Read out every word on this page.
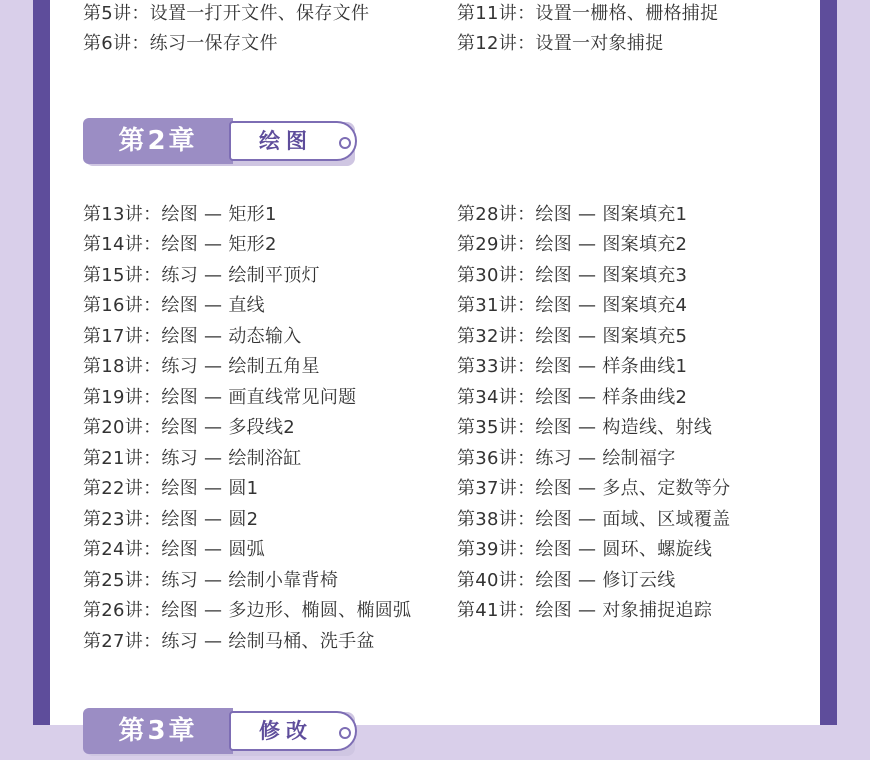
第5讲：设置一打开文件、保存文件
第6讲：练习一保存文件
第11讲：设置一栅格、栅格捕捉
第12讲：设置一对象捕捉
第2章	绘图
第13讲：绘图 — 矩形1
第14讲：绘图 — 矩形2
第15讲：练习 — 绘制平顶灯
第16讲：绘图 — 直线
第17讲：绘图 — 动态输入
第18讲：练习 — 绘制五角星
第19讲：绘图 — 画直线常见问题
第20讲：绘图 — 多段线2
第21讲：练习 — 绘制浴缸
第22讲：绘图 — 圆1
第23讲：绘图 — 圆2
第24讲：绘图 — 圆弧
第25讲：练习 — 绘制小靠背椅
第26讲：绘图 — 多边形、椭圆、椭圆弧
第27讲：练习 — 绘制马桶、洗手盆
第28讲：绘图 — 图案填充1
第29讲：绘图 — 图案填充2
第30讲：绘图 — 图案填充3
第31讲：绘图 — 图案填充4
第32讲：绘图 — 图案填充5
第33讲：绘图 — 样条曲线1
第34讲：绘图 — 样条曲线2
第35讲：绘图 — 构造线、射线
第36讲：练习 — 绘制福字
第37讲：绘图 — 多点、定数等分
第38讲：绘图 — 面域、区域覆盖
第39讲：绘图 — 圆环、螺旋线
第40讲：绘图 — 修订云线
第41讲：绘图 — 对象捕捉追踪
第3章	修改
